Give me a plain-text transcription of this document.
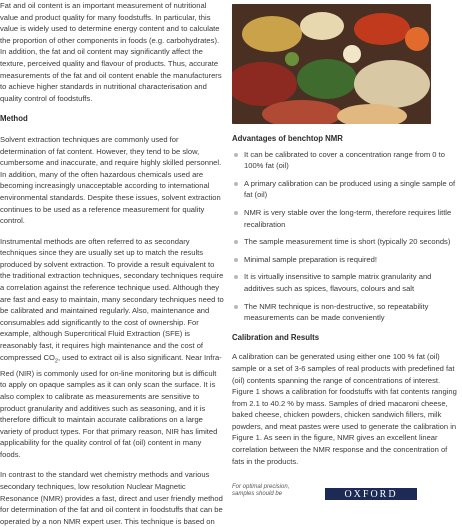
Fat and oil content is an important measurement of nutritional value and product quality for many foodstuffs. In particular, this value is widely used to determine energy content and to calculate the proportion of other components in foods (e.g. carbohydrates). In addition, the fat and oil content may significantly affect the texture, perceived quality and flavour of products. Thus, accurate measurements of the fat and oil content enable the manufacturers to achieve higher standards in nutritional characterisation and quality control of foodstuffs.

Method

Solvent extraction techniques are commonly used for determination of fat content. However, they tend to be slow, cumbersome and inaccurate, and require highly skilled personnel. In addition, many of the often hazardous chemicals used are becoming increasingly unacceptable according to international environmental standards. Despite these issues, solvent extraction continues to be used as a reference measurement for quality control.

Instrumental methods are often referred to as secondary techniques since they are usually set up to match the results produced by solvent extraction. To provide a result equivalent to the traditional extraction techniques, secondary techniques require a correlation against the reference technique used. Although they are fast and easy to maintain, many secondary techniques need to be calibrated and maintained regularly. Also, maintenance and consumables add significantly to the cost of ownership. For example, although Supercritical Fluid Extraction (SFE) is reasonably fast, it requires high maintenance and the cost of compressed $CO_2$, used to extract oil is also significant. Near Infra-Red (NIR) is commonly used for on-line monitoring but is difficult to apply on opaque samples as it can only scan the surface. It is also complex to calibrate as measurements are sensitive to product granularity and additives such as seasoning, and it is therefore difficult to maintain accurate calibrations on a large variety of product types. For that primary reason, NIR has limited applicability for the quality control of fat (oil) content in many foods.

In contrast to the standard wet chemistry methods and various secondary techniques, low resolution Nuclear Magnetic Resonance (NMR) provides a fast, direct and user friendly method for determination of the fat and oil content in foodstuffs that can be operated by a non NMR expert user. This technique is based on

Advantages of benchtop NMR
It can be calibrated to cover a concentration range from 0 to 100% fat (oil)
A primary calibration can be produced using a single sample of fat (oil)
NMR is very stable over the long-term, therefore requires little recalibration
The sample measurement time is short (typically 20 seconds)
Minimal sample preparation is required!
It is virtually insensitive to sample matrix granularity and additives such as spices, flavours, colours and salt
The NMR technique is non-destructive, so repeatability measurements can be made conveniently
Calibration and Results

A calibration can be generated using either one 100 % fat (oil) sample or a set of 3-6 samples of real products with predefined fat (oil) contents spanning the range of concentrations of interest. Figure 1 shows a calibration for foodstuffs with fat contents ranging from 2.1 to 40.2 % by mass. Samples of dried macaroni cheese, baked cheese, chicken powders, chicken sandwich fillers, milk powders, and meat pastes were used to generate the calibration in Figure 1. As seen in the figure, NMR gives an excellent linear correlation between the NMR response and the concentration of fats in the products.

For optimal precision, samples should be	OXFORD
